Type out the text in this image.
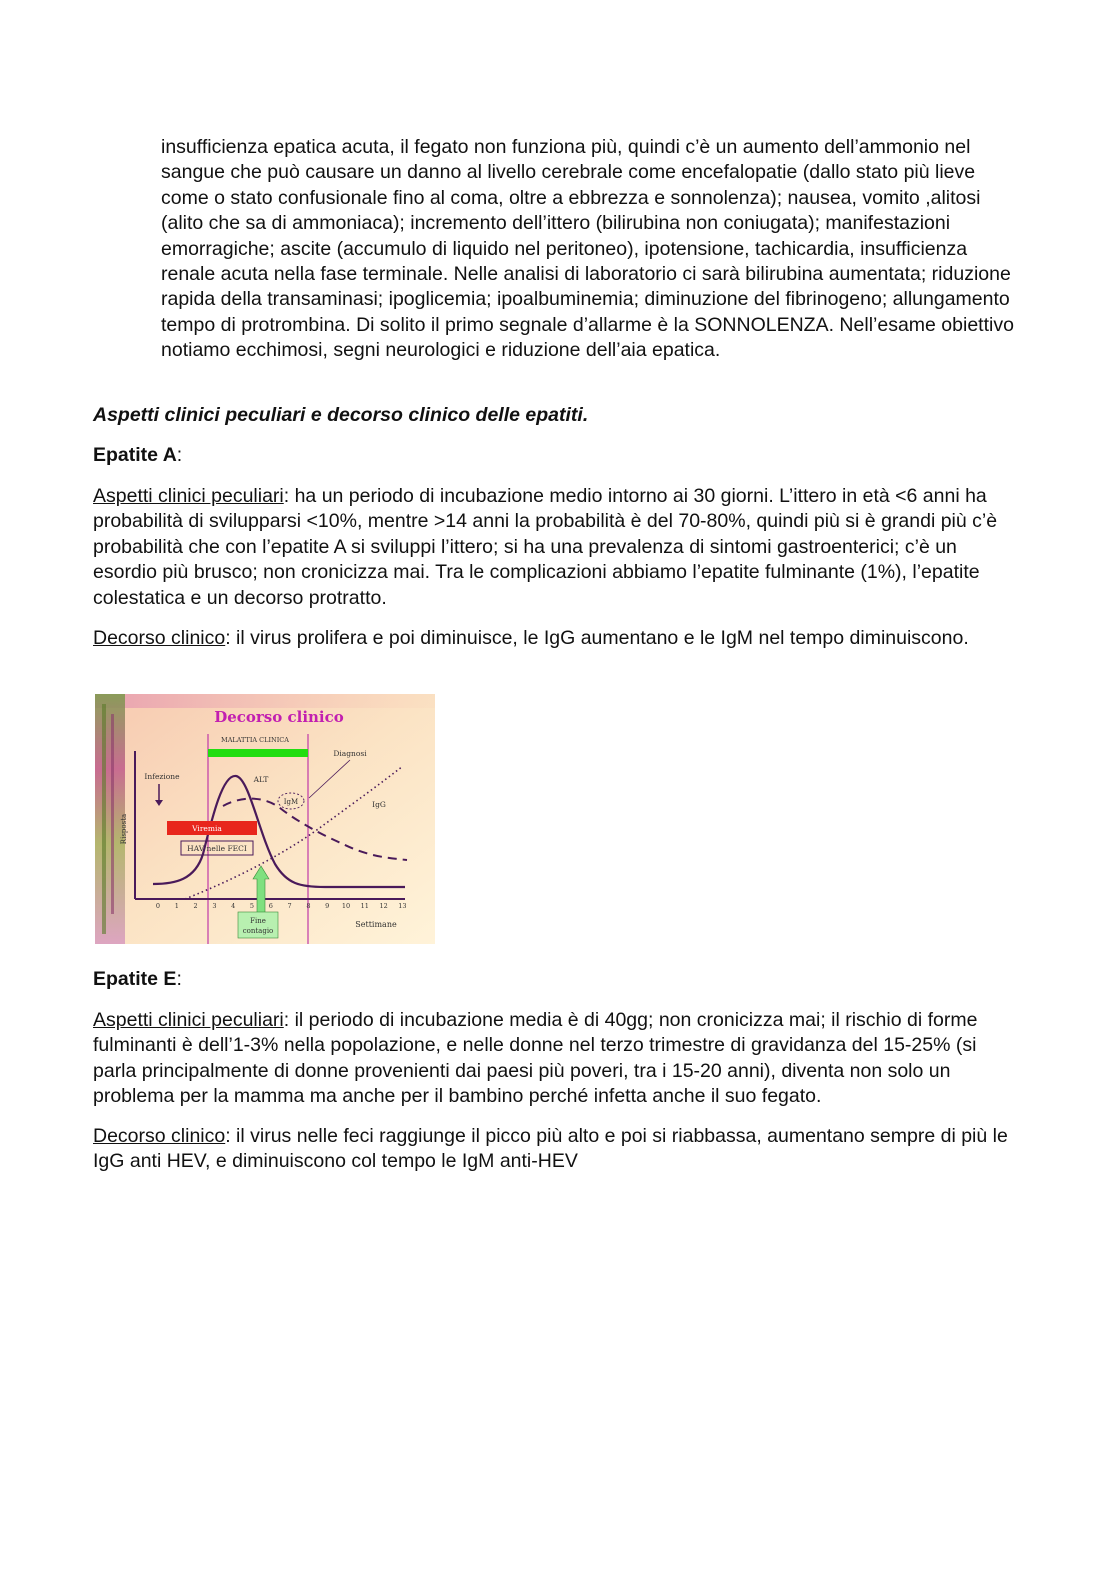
insufficienza epatica acuta, il fegato non funziona più, quindi c’è un aumento dell’ammonio nel sangue che può causare un danno al livello cerebrale come encefalopatie (dallo stato più lieve come o stato confusionale fino al coma, oltre a ebbrezza e sonnolenza); nausea, vomito ,alitosi (alito che sa di ammoniaca); incremento dell’ittero (bilirubina non coniugata); manifestazioni emorragiche; ascite (accumulo di liquido nel peritoneo), ipotensione, tachicardia, insufficienza renale acuta nella fase terminale. Nelle analisi di laboratorio ci sarà bilirubina aumentata; riduzione rapida della transaminasi; ipoglicemia; ipoalbuminemia; diminuzione del fibrinogeno; allungamento tempo di protrombina. Di solito il primo segnale d’allarme è la SONNOLENZA. Nell’esame obiettivo notiamo ecchimosi, segni neurologici e riduzione dell’aia epatica.

Aspetti clinici peculiari e decorso clinico delle epatiti.

Epatite A:

Aspetti clinici peculiari: ha un periodo di incubazione medio intorno ai 30 giorni. L’ittero in età <6 anni ha probabilità di svilupparsi <10%, mentre >14 anni la probabilità è del 70-80%, quindi più si è grandi più c’è probabilità che con l’epatite A si sviluppi l’ittero; si ha una prevalenza di sintomi gastroenterici; c’è un esordio più brusco; non cronicizza mai. Tra le complicazioni abbiamo l’epatite fulminante (1%), l’epatite colestatica e un decorso protratto.

Decorso clinico: il virus prolifera e poi diminuisce, le IgG aumentano e le IgM nel tempo diminuiscono.

Decorso clinico
MALATTIA CLINICA
Diagnosi
Risposta
Infezione	ALT
IgM	IgG
Viremia
HAV nelle FECI
Fine
contagio
0 1 2 3 4 5 6 7 8 9 10 11 12 13
Settimane

Epatite E:

Aspetti clinici peculiari: il periodo di incubazione media è di 40gg; non cronicizza mai; il rischio di forme fulminanti è dell’1-3% nella popolazione, e nelle donne nel terzo trimestre di gravidanza del 15-25% (si parla principalmente di donne provenienti dai paesi più poveri, tra i 15-20 anni), diventa non solo un problema per la mamma ma anche per il bambino perché infetta anche il suo fegato.

Decorso clinico: il virus nelle feci raggiunge il picco più alto e poi si riabbassa, aumentano sempre di più le IgG anti HEV, e diminuiscono col tempo le IgM anti-HEV
